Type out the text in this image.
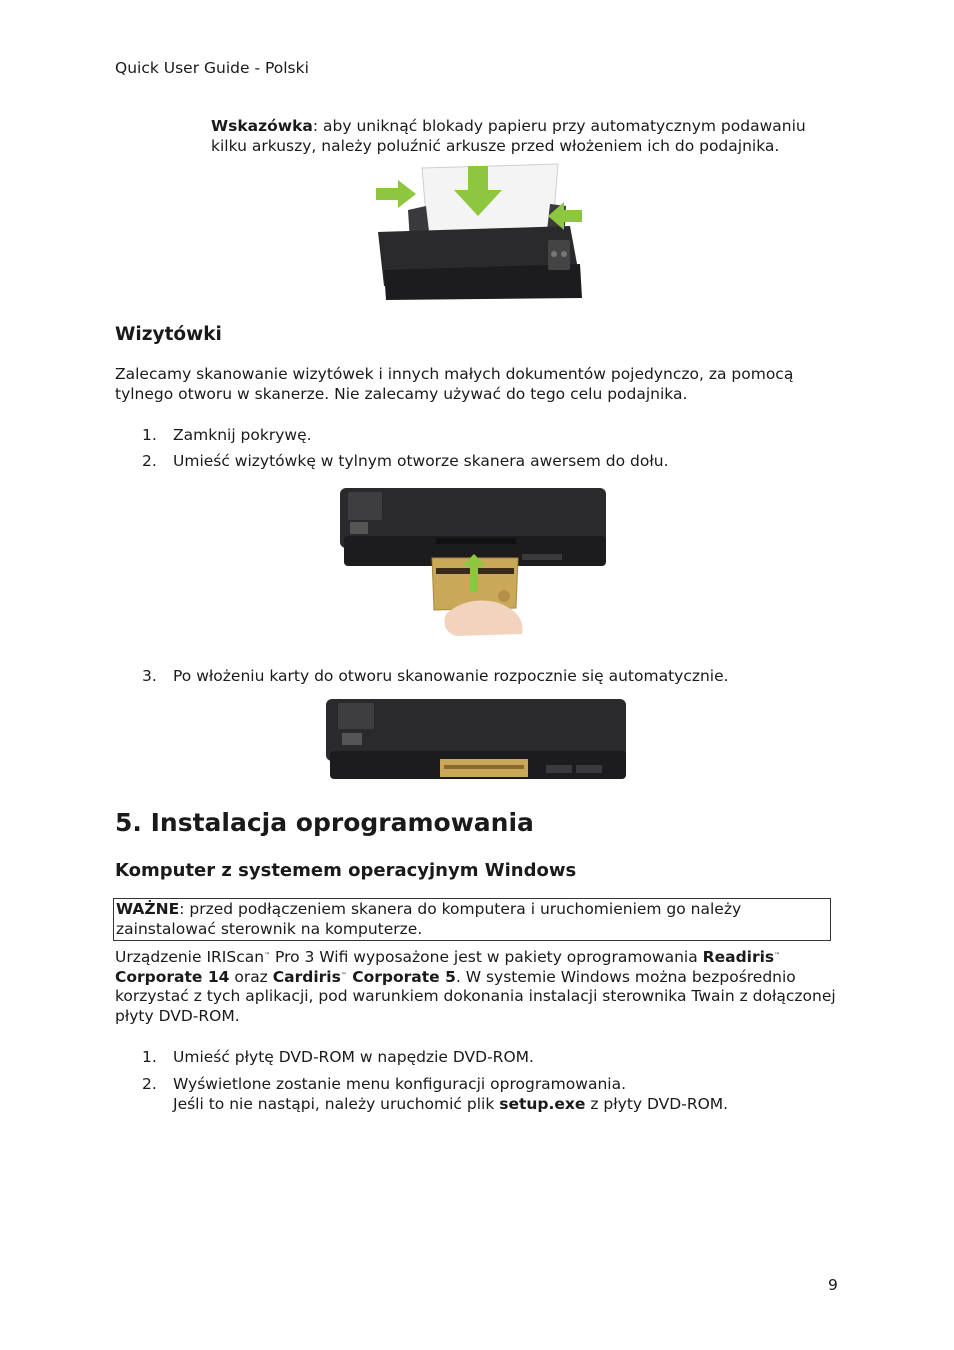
Quick User Guide - Polski
Wskazówka: aby uniknąć blokady papieru przy automatycznym podawaniu kilku arkuszy, należy poluźnić arkusze przed włożeniem ich do podajnika.
Wizytówki
Zalecamy skanowanie wizytówek i innych małych dokumentów pojedynczo, za pomocą tylnego otworu w skanerze. Nie zalecamy używać do tego celu podajnika.
1. Zamknij pokrywę.
2. Umieść wizytówkę w tylnym otworze skanera awersem do dołu.
3. Po włożeniu karty do otworu skanowanie rozpocznie się automatycznie.
5. Instalacja oprogramowania
Komputer z systemem operacyjnym Windows
WAŻNE: przed podłączeniem skanera do komputera i uruchomieniem go należy zainstalować sterownik na komputerze.
Urządzenie IRIScan™ Pro 3 Wifi wyposażone jest w pakiety oprogramowania Readiris™ Corporate 14 oraz Cardiris™ Corporate 5. W systemie Windows można bezpośrednio korzystać z tych aplikacji, pod warunkiem dokonania instalacji sterownika Twain z dołączonej płyty DVD-ROM.
1. Umieść płytę DVD-ROM w napędzie DVD-ROM.
2. Wyświetlone zostanie menu konfiguracji oprogramowania.
Jeśli to nie nastąpi, należy uruchomić plik setup.exe z płyty DVD-ROM.
9
